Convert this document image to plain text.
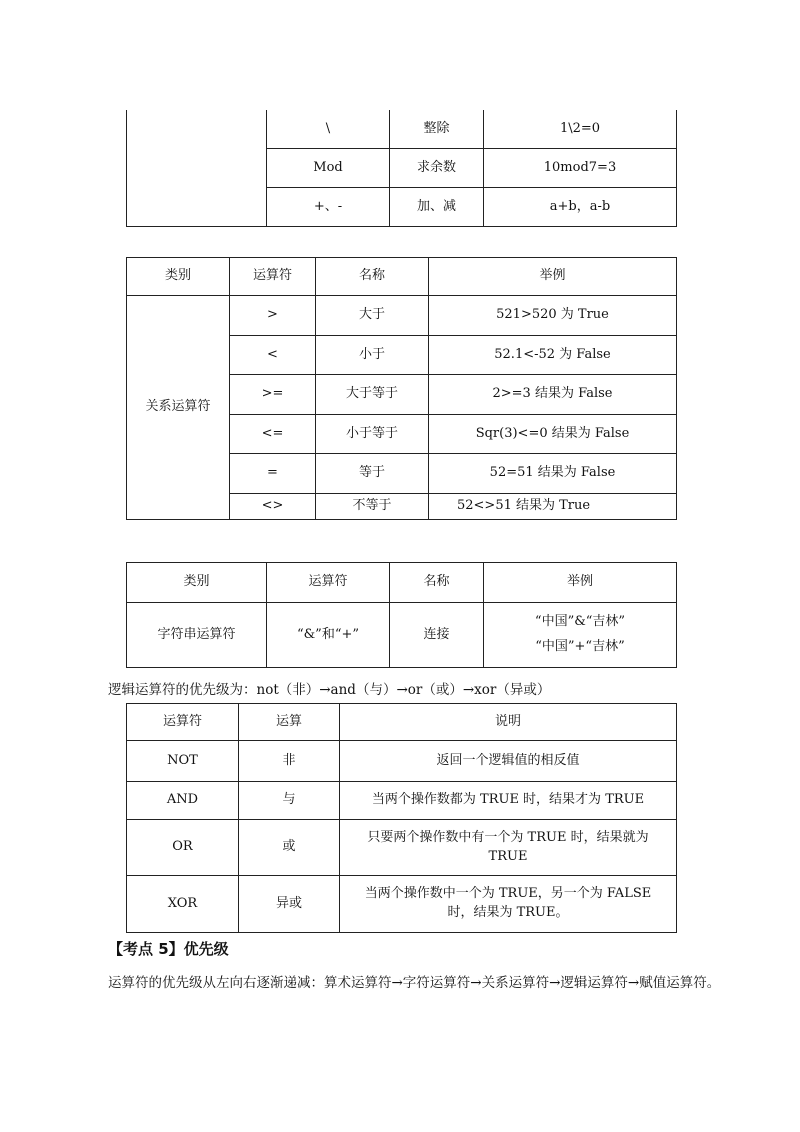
	\	整除	1\2=0
	Mod	求余数	10mod7=3
	+、-	加、减	a+b，a-b
类别	运算符	名称	举例
关系运算符	>	大于	521>520 为 True
	<	小于	52.1<-52 为 False
	>=	大于等于	2>=3 结果为 False
	<=	小于等于	Sqr(3)<=0 结果为 False
	=	等于	52=51 结果为 False
	<>	不等于	52<>51 结果为 True
类别	运算符	名称	举例
字符串运算符	“&”和“+”	连接	“中国”&“吉林”
“中国”+“吉林”
逻辑运算符的优先级为：not（非）→and（与）→or（或）→xor（异或）
运算符	运算	说明
NOT	非	返回一个逻辑值的相反值
AND	与	当两个操作数都为 TRUE 时，结果才为 TRUE
OR	或	只要两个操作数中有一个为 TRUE 时，结果就为 TRUE
XOR	异或	当两个操作数中一个为 TRUE，另一个为 FALSE 时，结果为 TRUE。
【考点 5】优先级
运算符的优先级从左向右逐渐递减：算术运算符→字符运算符→关系运算符→逻辑运算符→赋值运算符。
